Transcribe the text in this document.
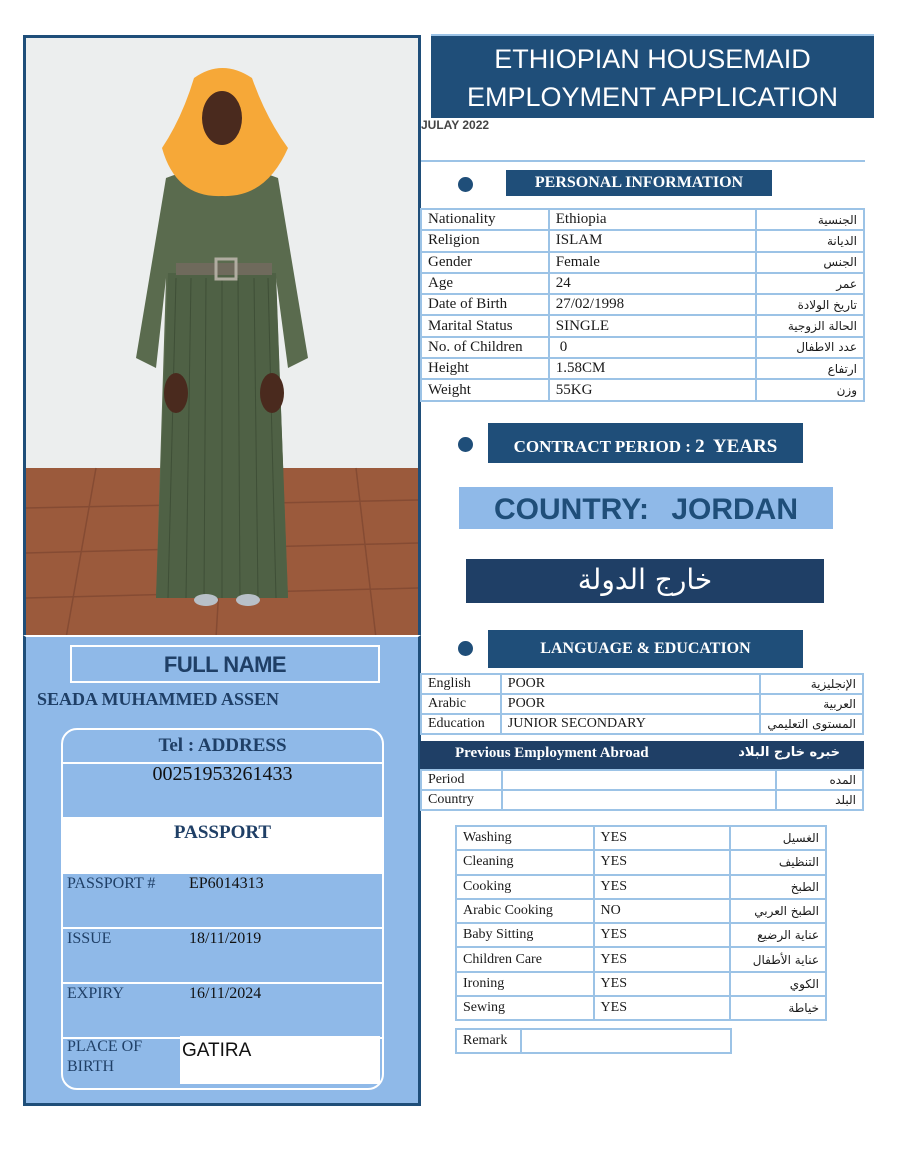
FULL NAME
SEADA MUHAMMED ASSEN
Tel : ADDRESS
00251953261433
PASSPORT
PASSPORT # EP6014313
ISSUE	18/11/2019
EXPIRY	16/11/2024
PLACE OF
BIRTH
GATIRA
ETHIOPIAN HOUSEMAID
EMPLOYMENT APPLICATION
JULAY 2022
PERSONAL INFORMATION
Nationality	Ethiopia	الجنسية
Religion	ISLAM	الديانة
Gender	Female	الجنس
Age	24	عمر
Date of Birth	27/02/1998	تاريخ الولادة
Marital Status	SINGLE	الحالة الزوجية
No. of Children	0	عدد الاطفال
Height	1.58CM	ارتفاع
Weight	55KG	وزن
CONTRACT PERIOD : 2 YEARS
COUNTRY: JORDAN
خارج الدولة
LANGUAGE & EDUCATION
English	POOR	الإنجليزية
Arabic	POOR	العربية
Education	JUNIOR SECONDARY	المستوى التعليمي
Previous Employment Abroad	خبره خارج البلاد
Period		المده
Country		البلد
Washing	YES	الغسيل
Cleaning	YES	التنظيف
Cooking	YES	الطبخ
Arabic Cooking	NO	الطبخ العربي
Baby Sitting	YES	عناية الرضيع
Children Care	YES	عناية الأطفال
Ironing	YES	الكوي
Sewing	YES	خياطة
Remark	
